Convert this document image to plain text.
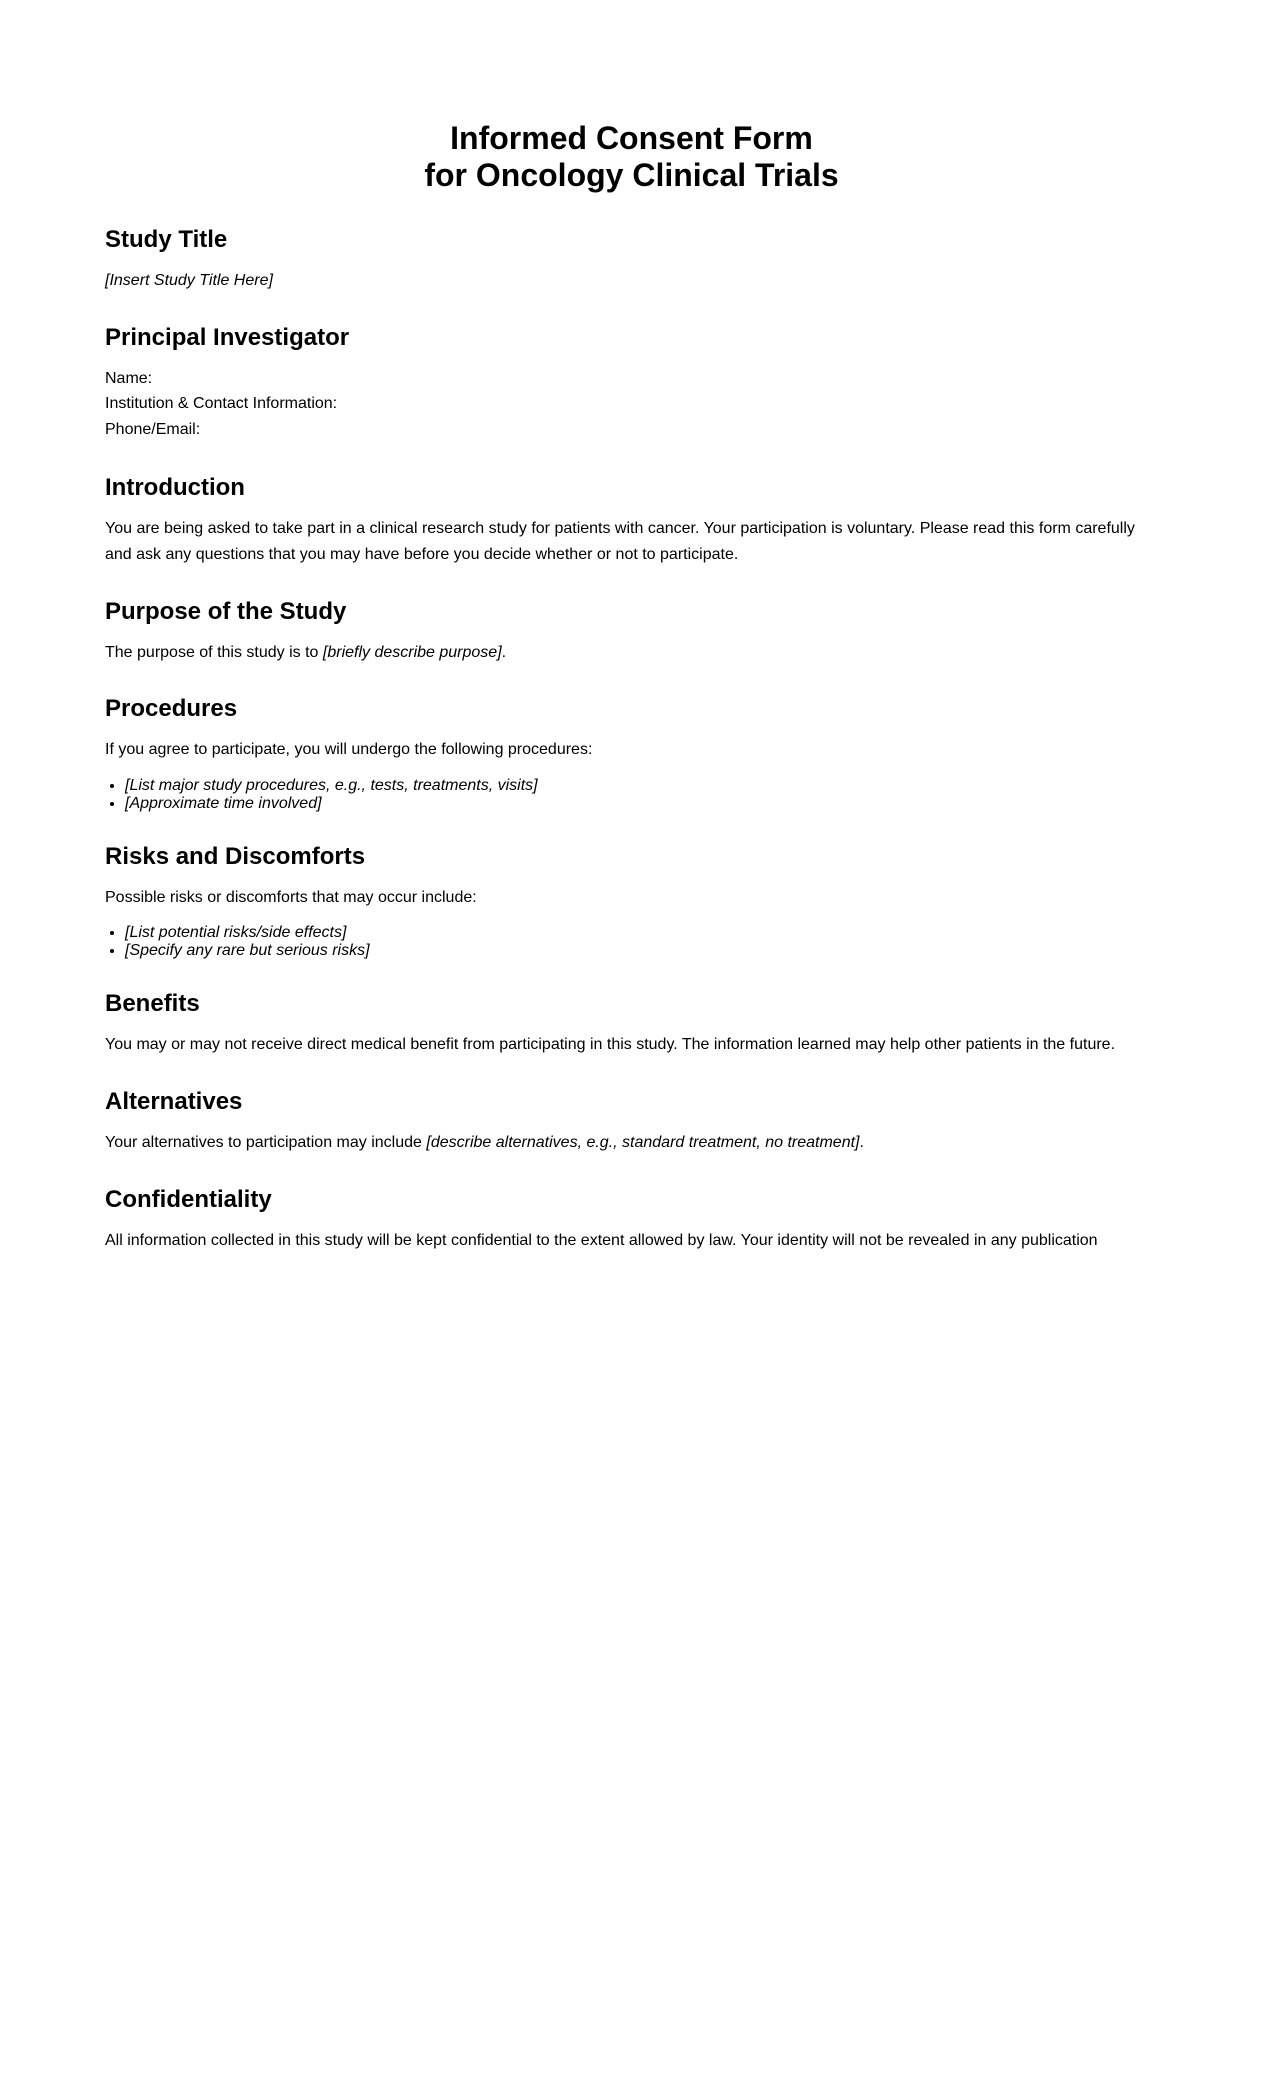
Informed Consent Form
for Oncology Clinical Trials
Study Title

[Insert Study Title Here]

Principal Investigator
Name:
Institution & Contact Information:
Phone/Email:
Introduction

You are being asked to take part in a clinical research study for patients with cancer. Your participation is voluntary. Please read this form carefully and ask any questions that you may have before you decide whether or not to participate.

Purpose of the Study

The purpose of this study is to [briefly describe purpose].

Procedures

If you agree to participate, you will undergo the following procedures:

• [List major study procedures, e.g., tests, treatments, visits]
• [Approximate time involved]
Risks and Discomforts

Possible risks or discomforts that may occur include:

• [List potential risks/side effects]
• [Specify any rare but serious risks]
Benefits

You may or may not receive direct medical benefit from participating in this study. The information learned may help other patients in the future.

Alternatives

Your alternatives to participation may include [describe alternatives, e.g., standard treatment, no treatment].

Confidentiality

All information collected in this study will be kept confidential to the extent allowed by law. Your identity will not be revealed in any publication
